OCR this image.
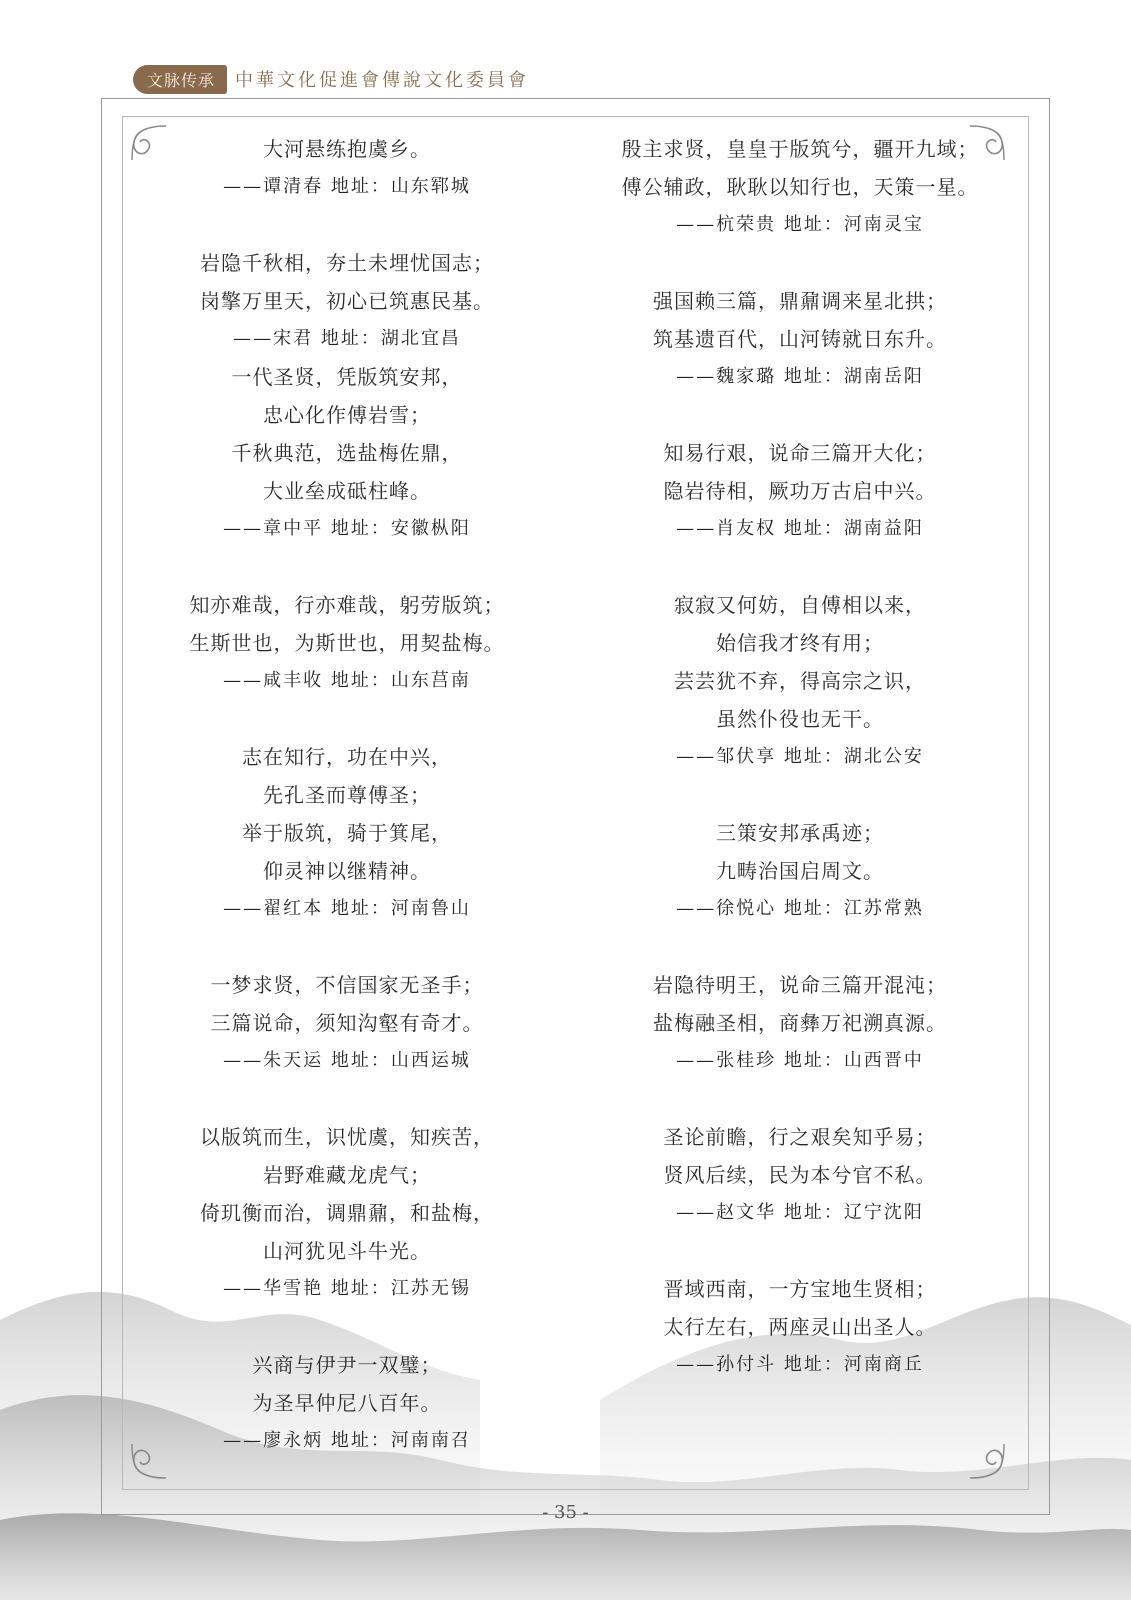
文脉传承	中華文化促進會傳說文化委員會
大河悬练抱虞乡。
——谭清春 地址：山东郓城
岩隐千秋相，夯土未埋忧国志；
岗擎万里天，初心已筑惠民基。
——宋君 地址：湖北宜昌
一代圣贤，凭版筑安邦，
忠心化作傅岩雪；
千秋典范，选盐梅佐鼎，
大业垒成砥柱峰。
——章中平 地址：安徽枞阳
知亦难哉，行亦难哉，躬劳版筑；
生斯世也，为斯世也，用契盐梅。
——咸丰收 地址：山东莒南
志在知行，功在中兴，
先孔圣而尊傅圣；
举于版筑，骑于箕尾，
仰灵神以继精神。
——翟红本 地址：河南鲁山
一梦求贤，不信国家无圣手；
三篇说命，须知沟壑有奇才。
——朱天运 地址：山西运城
以版筑而生，识忧虞，知疾苦，
岩野难藏龙虎气；
倚玑衡而治，调鼎鼐，和盐梅，
山河犹见斗牛光。
——华雪艳 地址：江苏无锡
兴商与伊尹一双璧；
为圣早仲尼八百年。
——廖永炳 地址：河南南召
殷主求贤，皇皇于版筑兮，疆开九域；
傅公辅政，耿耿以知行也，天策一星。
——杭荣贵 地址：河南灵宝
强国赖三篇，鼎鼐调来星北拱；
筑基遗百代，山河铸就日东升。
——魏家璐 地址：湖南岳阳
知易行艰，说命三篇开大化；
隐岩待相，厥功万古启中兴。
——肖友权 地址：湖南益阳
寂寂又何妨，自傅相以来，
始信我才终有用；
芸芸犹不弃，得高宗之识，
虽然仆役也无干。
——邹伏享 地址：湖北公安
三策安邦承禹迹；
九畴治国启周文。
——徐悦心 地址：江苏常熟
岩隐待明王，说命三篇开混沌；
盐梅融圣相，商彝万祀溯真源。
——张桂珍 地址：山西晋中
圣论前瞻，行之艰矣知乎易；
贤风后续，民为本兮官不私。
——赵文华 地址：辽宁沈阳
晋域西南，一方宝地生贤相；
太行左右，两座灵山出圣人。
——孙付斗 地址：河南商丘
- 35 -
